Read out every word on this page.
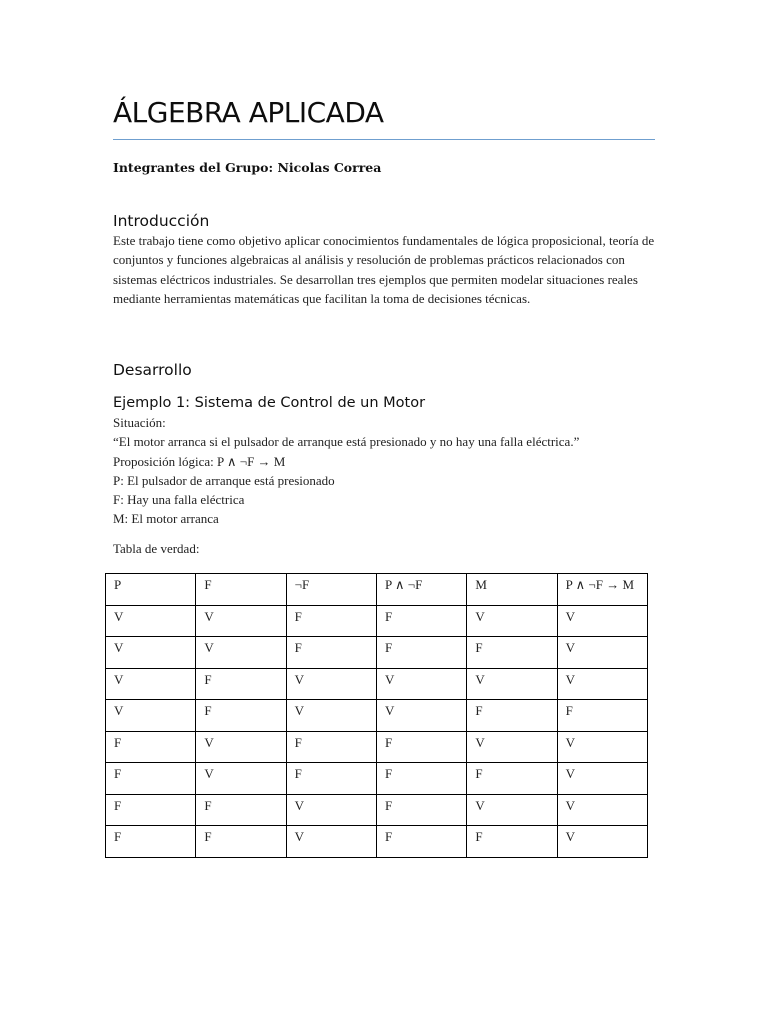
ÁLGEBRA APLICADA
Integrantes del Grupo: Nicolas Correa
Introducción

Este trabajo tiene como objetivo aplicar conocimientos fundamentales de lógica proposicional, teoría de conjuntos y funciones algebraicas al análisis y resolución de problemas prácticos relacionados con sistemas eléctricos industriales. Se desarrollan tres ejemplos que permiten modelar situaciones reales mediante herramientas matemáticas que facilitan la toma de decisiones técnicas.

Desarrollo
Ejemplo 1: Sistema de Control de un Motor
Situación:
“El motor arranca si el pulsador de arranque está presionado y no hay una falla eléctrica.”
Proposición lógica: P ∧ ¬F → M
P: El pulsador de arranque está presionado
F: Hay una falla eléctrica
M: El motor arranca
Tabla de verdad:
P	F	¬F	P ∧ ¬F	M	P ∧ ¬F → M
V	V	F	F	V	V
V	V	F	F	F	V
V	F	V	V	V	V
V	F	V	V	F	F
F	V	F	F	V	V
F	V	F	F	F	V
F	F	V	F	V	V
F	F	V	F	F	V
